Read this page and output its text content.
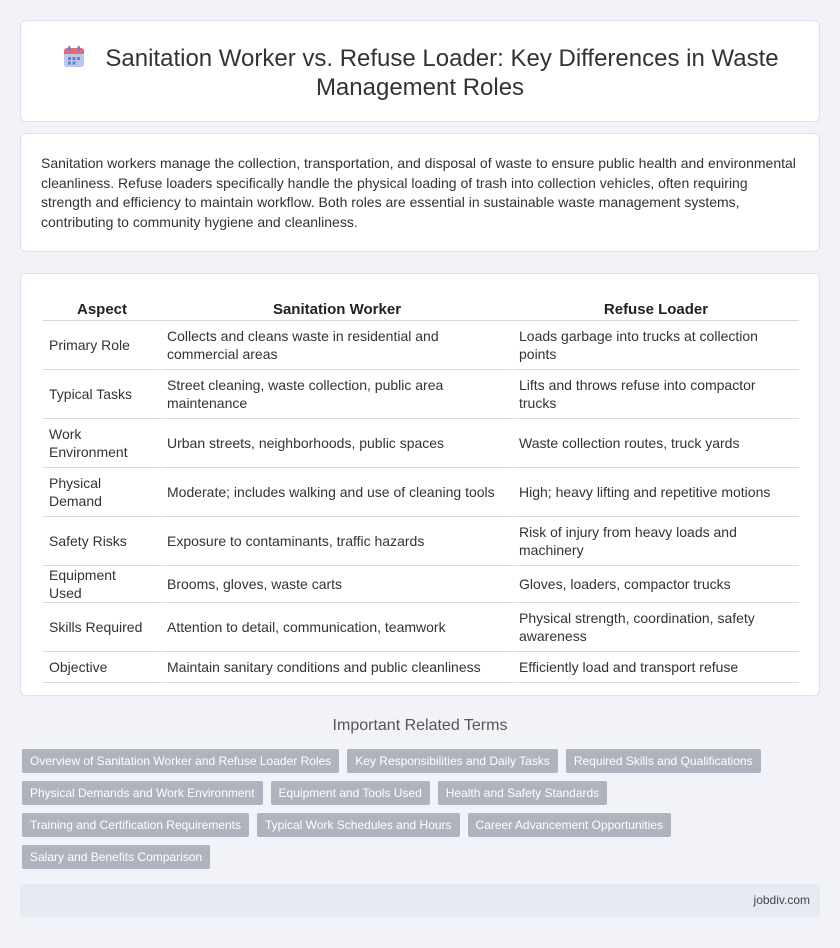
Sanitation Worker vs. Refuse Loader: Key Differences in Waste Management Roles

Sanitation workers manage the collection, transportation, and disposal of waste to ensure public health and environmental cleanliness. Refuse loaders specifically handle the physical loading of trash into collection vehicles, often requiring strength and efficiency to maintain workflow. Both roles are essential in sustainable waste management systems, contributing to community hygiene and cleanliness.

Aspect	Sanitation Worker	Refuse Loader
Primary Role	Collects and cleans waste in residential and commercial areas	Loads garbage into trucks at collection points
Typical Tasks	Street cleaning, waste collection, public area maintenance	Lifts and throws refuse into compactor trucks
Work Environment	Urban streets, neighborhoods, public spaces	Waste collection routes, truck yards
Physical Demand	Moderate; includes walking and use of cleaning tools	High; heavy lifting and repetitive motions
Safety Risks	Exposure to contaminants, traffic hazards	Risk of injury from heavy loads and machinery
Equipment Used	Brooms, gloves, waste carts	Gloves, loaders, compactor trucks
Skills Required	Attention to detail, communication, teamwork	Physical strength, coordination, safety awareness
Objective	Maintain sanitary conditions and public cleanliness	Efficiently load and transport refuse
Important Related Terms
Overview of Sanitation Worker and Refuse Loader Roles	Key Responsibilities and Daily Tasks	Required Skills and Qualifications
Physical Demands and Work Environment	Equipment and Tools Used	Health and Safety Standards
Training and Certification Requirements	Typical Work Schedules and Hours	Career Advancement Opportunities
Salary and Benefits Comparison
jobdiv.com
